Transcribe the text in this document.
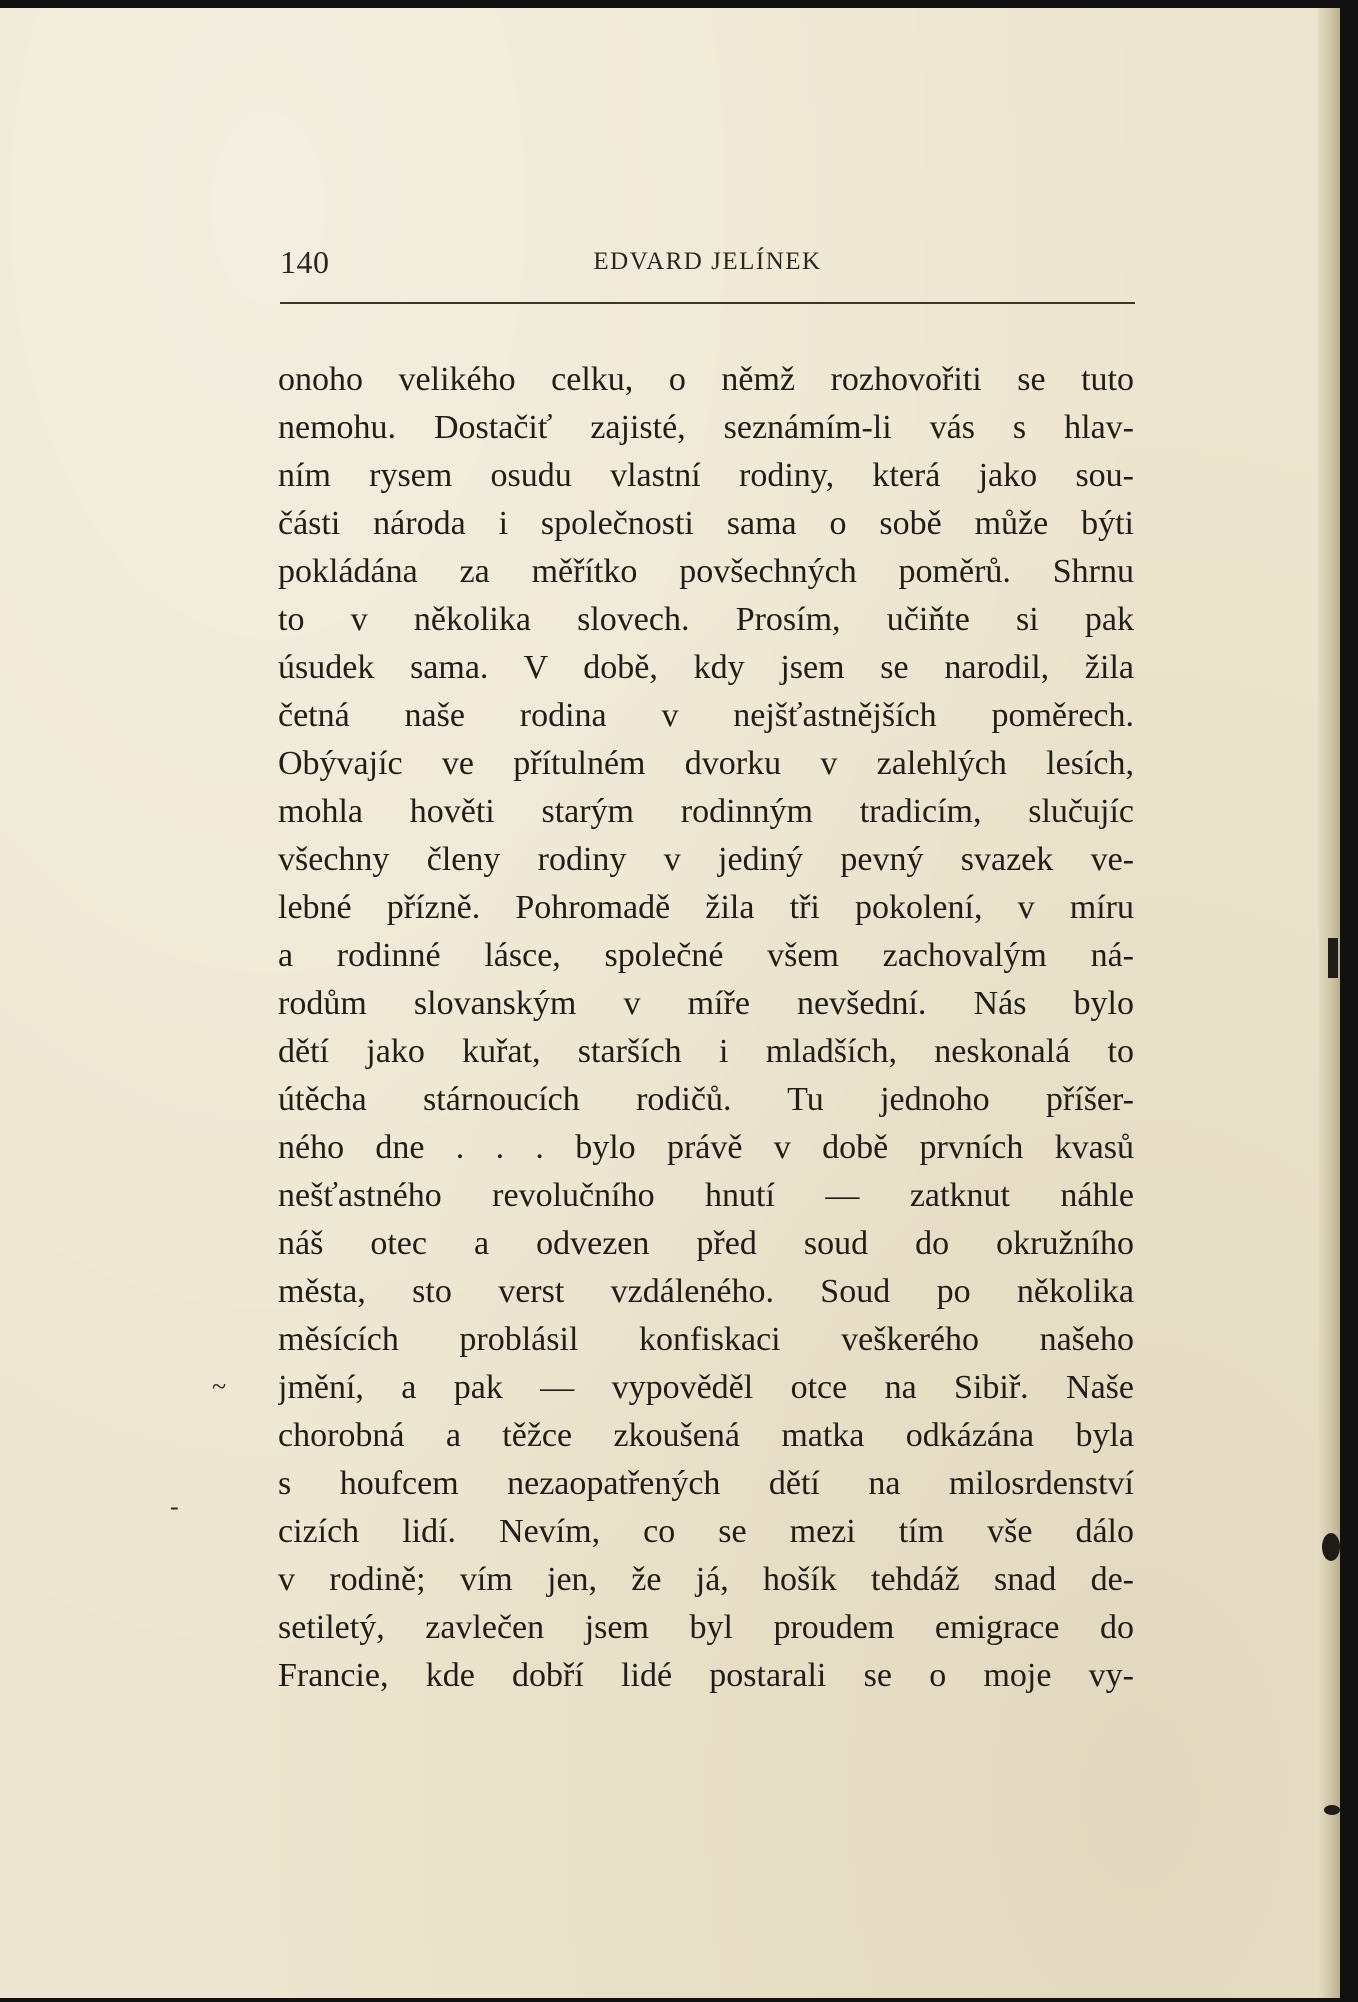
140	EDVARD JELÍNEK
onoho velikého celku, o němž rozhovořiti se tuto
nemohu. Dostačiť zajisté, seznámím-li vás s hlav-
ním rysem osudu vlastní rodiny, která jako sou-
části národa i společnosti sama o sobě může býti
pokládána za měřítko povšechných poměrů. Shrnu
to v několika slovech. Prosím, učiňte si pak
úsudek sama. V době, kdy jsem se narodil, žila
četná naše rodina v nejšťastnějších poměrech.
Obývajíc ve přítulném dvorku v zalehlých lesích,
mohla hověti starým rodinným tradicím, slučujíc
všechny členy rodiny v jediný pevný svazek ve-
lebné přízně. Pohromadě žila tři pokolení, v míru
a rodinné lásce, společné všem zachovalým ná-
rodům slovanským v míře nevšední. Nás bylo
dětí jako kuřat, starších i mladších, neskonalá to
útěcha stárnoucích rodičů. Tu jednoho příšer-
ného dne . . . bylo právě v době prvních kvasů
nešťastného revolučního hnutí — zatknut náhle
náš otec a odvezen před soud do okružního
města, sto verst vzdáleného. Soud po několika
měsících problásil konfiskaci veškerého našeho
jmění, a pak — vypověděl otce na Sibiř. Naše
chorobná a těžce zkoušená matka odkázána byla
s houfcem nezaopatřených dětí na milosrdenství
cizích lidí. Nevím, co se mezi tím vše dálo
v rodině; vím jen, že já, hošík tehdáž snad de-
setiletý, zavlečen jsem byl proudem emigrace do
Francie, kde dobří lidé postarali se o moje vy-
~
-
